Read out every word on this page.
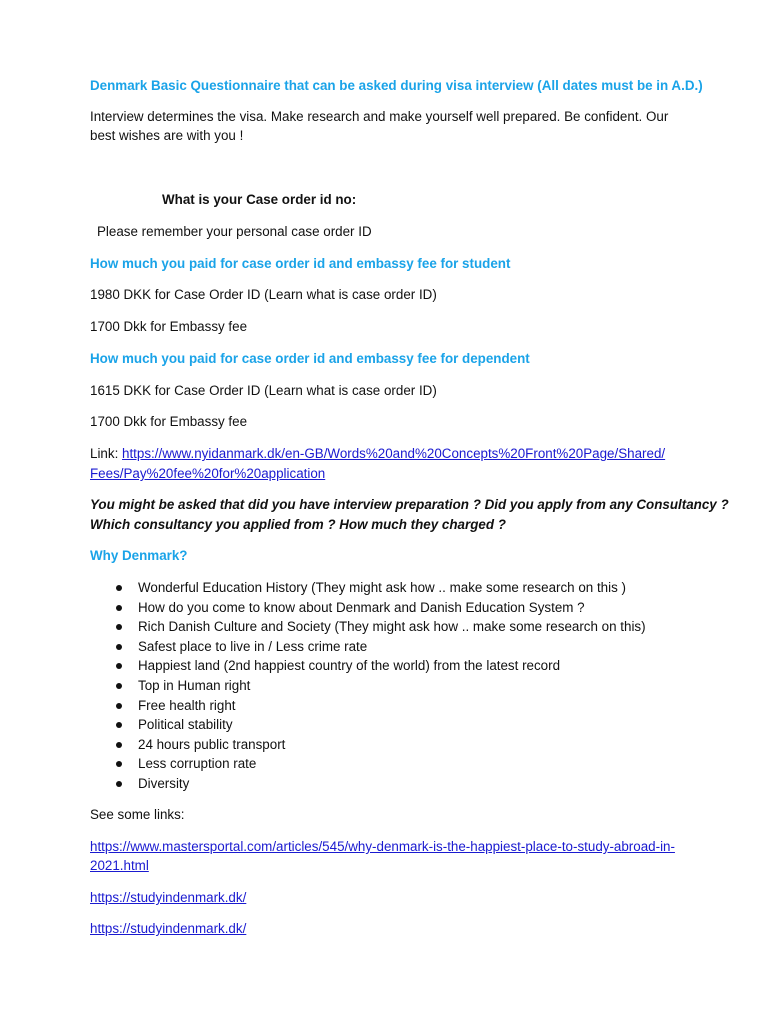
Denmark Basic Questionnaire that can be asked during visa interview (All dates must be in A.D.)
Interview determines the visa. Make research and make yourself well prepared. Be confident. Our
best wishes are with you !
What is your Case order id no:
Please remember your personal case order ID
How much you paid for case order id and embassy fee for student
1980 DKK for Case Order ID (Learn what is case order ID)
1700 Dkk for Embassy fee
How much you paid for case order id and embassy fee for dependent
1615 DKK for Case Order ID (Learn what is case order ID)
1700 Dkk for Embassy fee
Link: https://www.nyidanmark.dk/en-GB/Words%20and%20Concepts%20Front%20Page/Shared/
Fees/Pay%20fee%20for%20application
You might be asked that did you have interview preparation ? Did you apply from any Consultancy ?
Which consultancy you applied from ? How much they charged ?
Why Denmark?
Wonderful Education History (They might ask how .. make some research on this )
How do you come to know about Denmark and Danish Education System ?
Rich Danish Culture and Society (They might ask how .. make some research on this)
Safest place to live in / Less crime rate
Happiest land (2nd happiest country of the world) from the latest record
Top in Human right
Free health right
Political stability
24 hours public transport
Less corruption rate
Diversity
See some links:
https://www.mastersportal.com/articles/545/why-denmark-is-the-happiest-place-to-study-abroad-in-
2021.html
https://studyindenmark.dk/
https://studyindenmark.dk/
